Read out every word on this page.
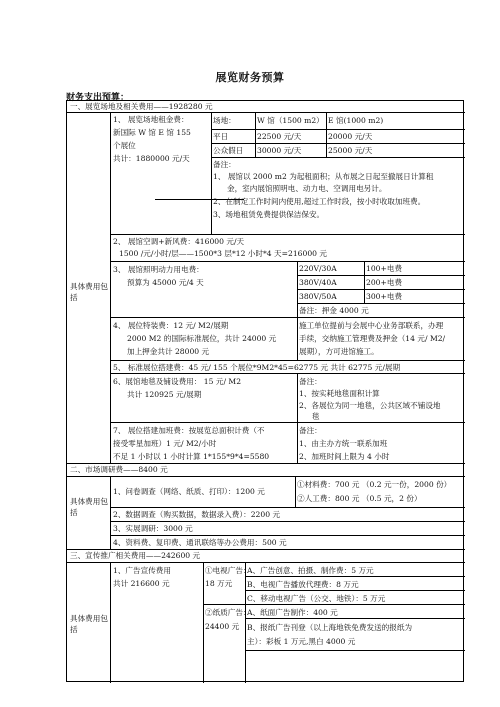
展览财务预算
财务支出预算：
一、展览场地及相关费用——1928280 元
具体费用包括
1、 展览场地租金费：
新国际 W 馆 E 馆 155
个展位
共计：1880000 元/天
场地：	W 馆（1500 m2） E 馆(1000 m2)
平日	22500 元/天	20000 元/天
公众假日 30000 元/天	25000 元/天
备注：
1、 展馆以 2000 m2 为起租面积；从布展之日起至撤展日计算租
金，室内展馆照明电、动力电、空调用电另计。
2、在制定工作时间内使用,超过工作时段，按小时收取加班费。
3、场地租赁免费提供保洁保安。
2、 展馆空调+新风费：416000 元/天
1500 /元/小时/层——1500*3 层*12 小时*4 天=216000 元
3、 展馆照明动力用电费：
预算为 45000 元/4 天
220V/30A	100+电费
380V/40A	200+电费
380V/50A	300+电费
备注：押金 4000 元
4、 展位特装费：12 元/ M2/展期
2000 M2 的国际标准展位，共计 24000 元
加上押金共计 28000 元
施工单位提前与会展中心业务部联系，办理
手续，交纳施工管理费及押金（14 元/ M2/
展期），方可进馆施工。
5、 标准展位搭建费：45 元/ 155 个展位*9M2*45=62775 元 共计 62775 元/展期
6、展馆地毯及铺设费用： 15 元/ M2
共计 120925 元/展期
备注：
1、按实耗地毯面积计算
2、各展位为同一地毯，公共区域不铺设地
毯
7、 展位搭建加班费：按展览总面积计费（不
接受零星加班）1 元/ M2/小时
不足 1 小时以 1 小时计算 1*155*9*4=5580
备注：
1、由主办方统一联系加班
2、加班时间上限为 4 小时
二、市场调研费——8400 元
具体费用包括
1、问卷调查（网络、纸质、打印）：1200 元
①材料费：700 元 （0.2 元一份，2000 份）
②人工费：800 元 （0.5 元，2 份）
2、数据调查（购买数据，数据录入费）：2200 元
3、实展调研：3000 元
4、资料费、复印费、通讯联络等办公费用：500 元
三、宣传推广相关费用——242600 元
具体费用包括
1、广告宣传费用
共计 216600 元
①电视广告：
18 万元
A、广告创意、拍摄、制作费：5 万元
B、电视广告播放代理费：8 万元
C、移动电视广告（公交、地铁）：5 万元
②纸质广告：
24400 元
A、纸面广告制作：400 元
B、报纸广告刊登（以上海地铁免费发送的报纸为
主）：彩板 1 万元,黑白 4000 元
